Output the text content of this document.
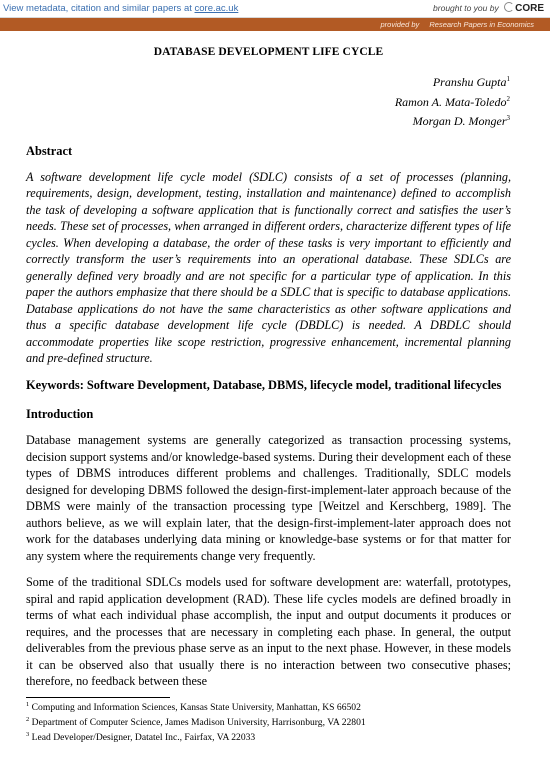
View metadata, citation and similar papers at core.ac.uk	brought to you by CORE
provided by Research Papers in Economics
DATABASE DEVELOPMENT LIFE CYCLE
Pranshu Gupta$^1$
Ramon A. Mata-Toledo$^2$
Morgan D. Monger$^3$
Abstract
A software development life cycle model (SDLC) consists of a set of processes (planning, requirements, design, development, testing, installation and maintenance) defined to accomplish the task of developing a software application that is functionally correct and satisfies the user’s needs. These set of processes, when arranged in different orders, characterize different types of life cycles. When developing a database, the order of these tasks is very important to efficiently and correctly transform the user’s requirements into an operational database. These SDLCs are generally defined very broadly and are not specific for a particular type of application. In this paper the authors emphasize that there should be a SDLC that is specific to database applications. Database applications do not have the same characteristics as other software applications and thus a specific database development life cycle (DBDLC) is needed. A DBDLC should accommodate properties like scope restriction, progressive enhancement, incremental planning and pre-defined structure.
Keywords: Software Development, Database, DBMS, lifecycle model, traditional lifecycles
Introduction
Database management systems are generally categorized as transaction processing systems, decision support systems and/or knowledge-based systems. During their development each of these types of DBMS introduces different problems and challenges. Traditionally, SDLC models designed for developing DBMS followed the design-first-implement-later approach because of the DBMS were mainly of the transaction processing type [Weitzel and Kerschberg, 1989]. The authors believe, as we will explain later, that the design-first-implement-later approach does not work for the databases underlying data mining or knowledge-base systems or for that matter for any system where the requirements change very frequently.
Some of the traditional SDLCs models used for software development are: waterfall, prototypes, spiral and rapid application development (RAD). These life cycles models are defined broadly in terms of what each individual phase accomplish, the input and output documents it produces or requires, and the processes that are necessary in completing each phase. In general, the output deliverables from the previous phase serve as an input to the next phase. However, in these models it can be observed also that usually there is no interaction between two consecutive phases; therefore, no feedback between these
$^1$ Computing and Information Sciences, Kansas State University, Manhattan, KS 66502
$^2$ Department of Computer Science, James Madison University, Harrisonburg, VA 22801
$^3$ Lead Developer/Designer, Datatel Inc., Fairfax, VA 22033
